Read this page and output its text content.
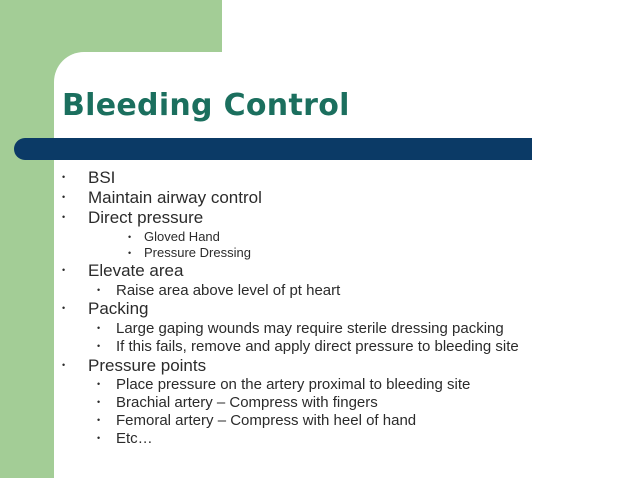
Bleeding Control
• BSI
• Maintain airway control
• Direct pressure
• Gloved Hand
• Pressure Dressing
• Elevate area
• Raise area above level of pt heart
• Packing
• Large gaping wounds may require sterile dressing packing
• If this fails, remove and apply direct pressure to bleeding site
• Pressure points
• Place pressure on the artery proximal to bleeding site
• Brachial artery – Compress with fingers
• Femoral artery – Compress with heel of hand
• Etc…
